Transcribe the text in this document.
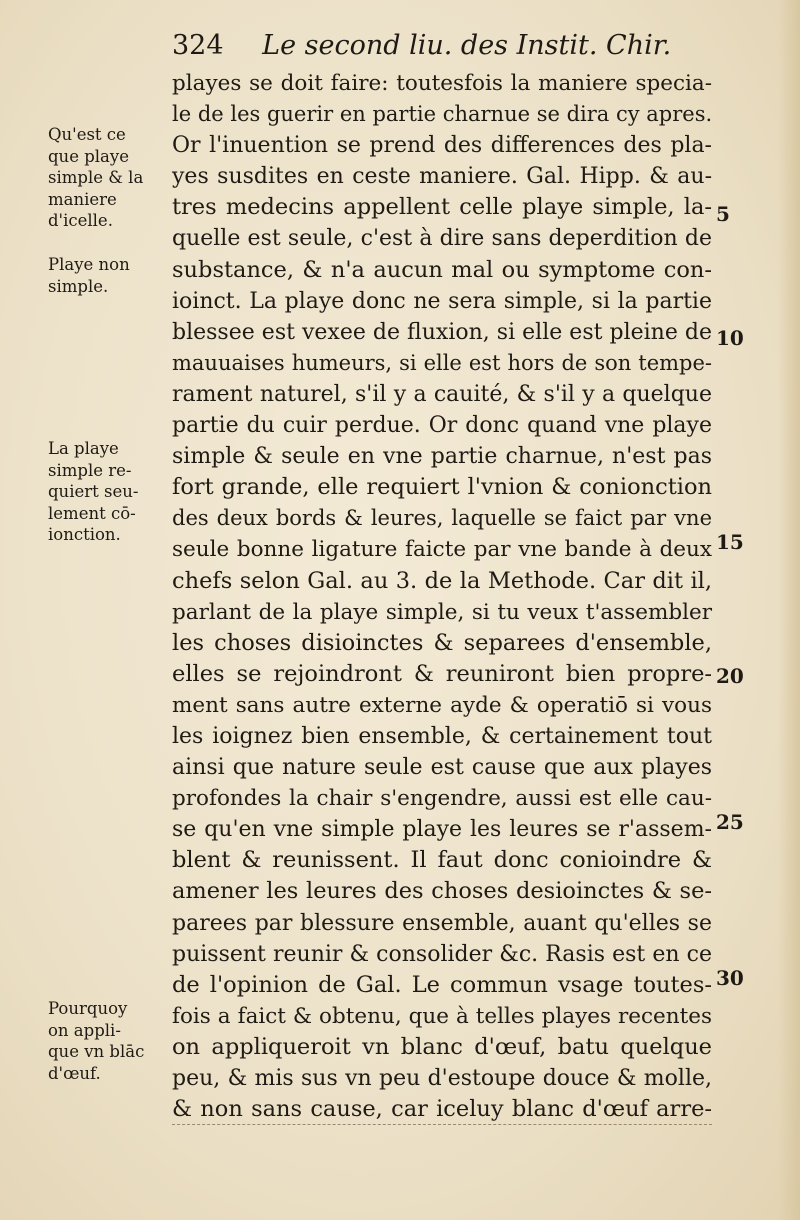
324 Le second liu. des Instit. Chir.
playes se doit faire: toutesfois la maniere specia-
le de les guerir en partie charnue se dira cy apres.
Or l'inuention se prend des differences des pla-
yes susdites en ceste maniere. Gal. Hipp. & au-
tres medecins appellent celle playe simple, la-
quelle est seule, c'est à dire sans deperdition de
substance, & n'a aucun mal ou symptome con-
ioinct. La playe donc ne sera simple, si la partie
blessee est vexee de fluxion, si elle est pleine de
mauuaises humeurs, si elle est hors de son tempe-
rament naturel, s'il y a cauité, & s'il y a quelque
partie du cuir perdue. Or donc quand vne playe
simple & seule en vne partie charnue, n'est pas
fort grande, elle requiert l'vnion & conionction
des deux bords & leures, laquelle se faict par vne
seule bonne ligature faicte par vne bande à deux
chefs selon Gal. au 3. de la Methode. Car dit il,
parlant de la playe simple, si tu veux t'assembler
les choses disioinctes & separees d'ensemble,
elles se rejoindront & reuniront bien propre-
ment sans autre externe ayde & operatiō si vous
les ioignez bien ensemble, & certainement tout
ainsi que nature seule est cause que aux playes
profondes la chair s'engendre, aussi est elle cau-
se qu'en vne simple playe les leures se r'assem-
blent & reunissent. Il faut donc conioindre &
amener les leures des choses desioinctes & se-
parees par blessure ensemble, auant qu'elles se
puissent reunir & consolider &c. Rasis est en ce
de l'opinion de Gal. Le commun vsage toutes-
fois a faict & obtenu, que à telles playes recentes
on appliqueroit vn blanc d'œuf, batu quelque
peu, & mis sus vn peu d'estoupe douce & molle,
& non sans cause, car iceluy blanc d'œuf arre-
Qu'est ce
que playe
simple & la
maniere
d'icelle.
Playe non
simple.
La playe
simple re-
quiert seu-
lement cō-
ionction.
Pourquoy
on appli-
que vn blāc
d'œuf.
5
10
15
20
25
30
